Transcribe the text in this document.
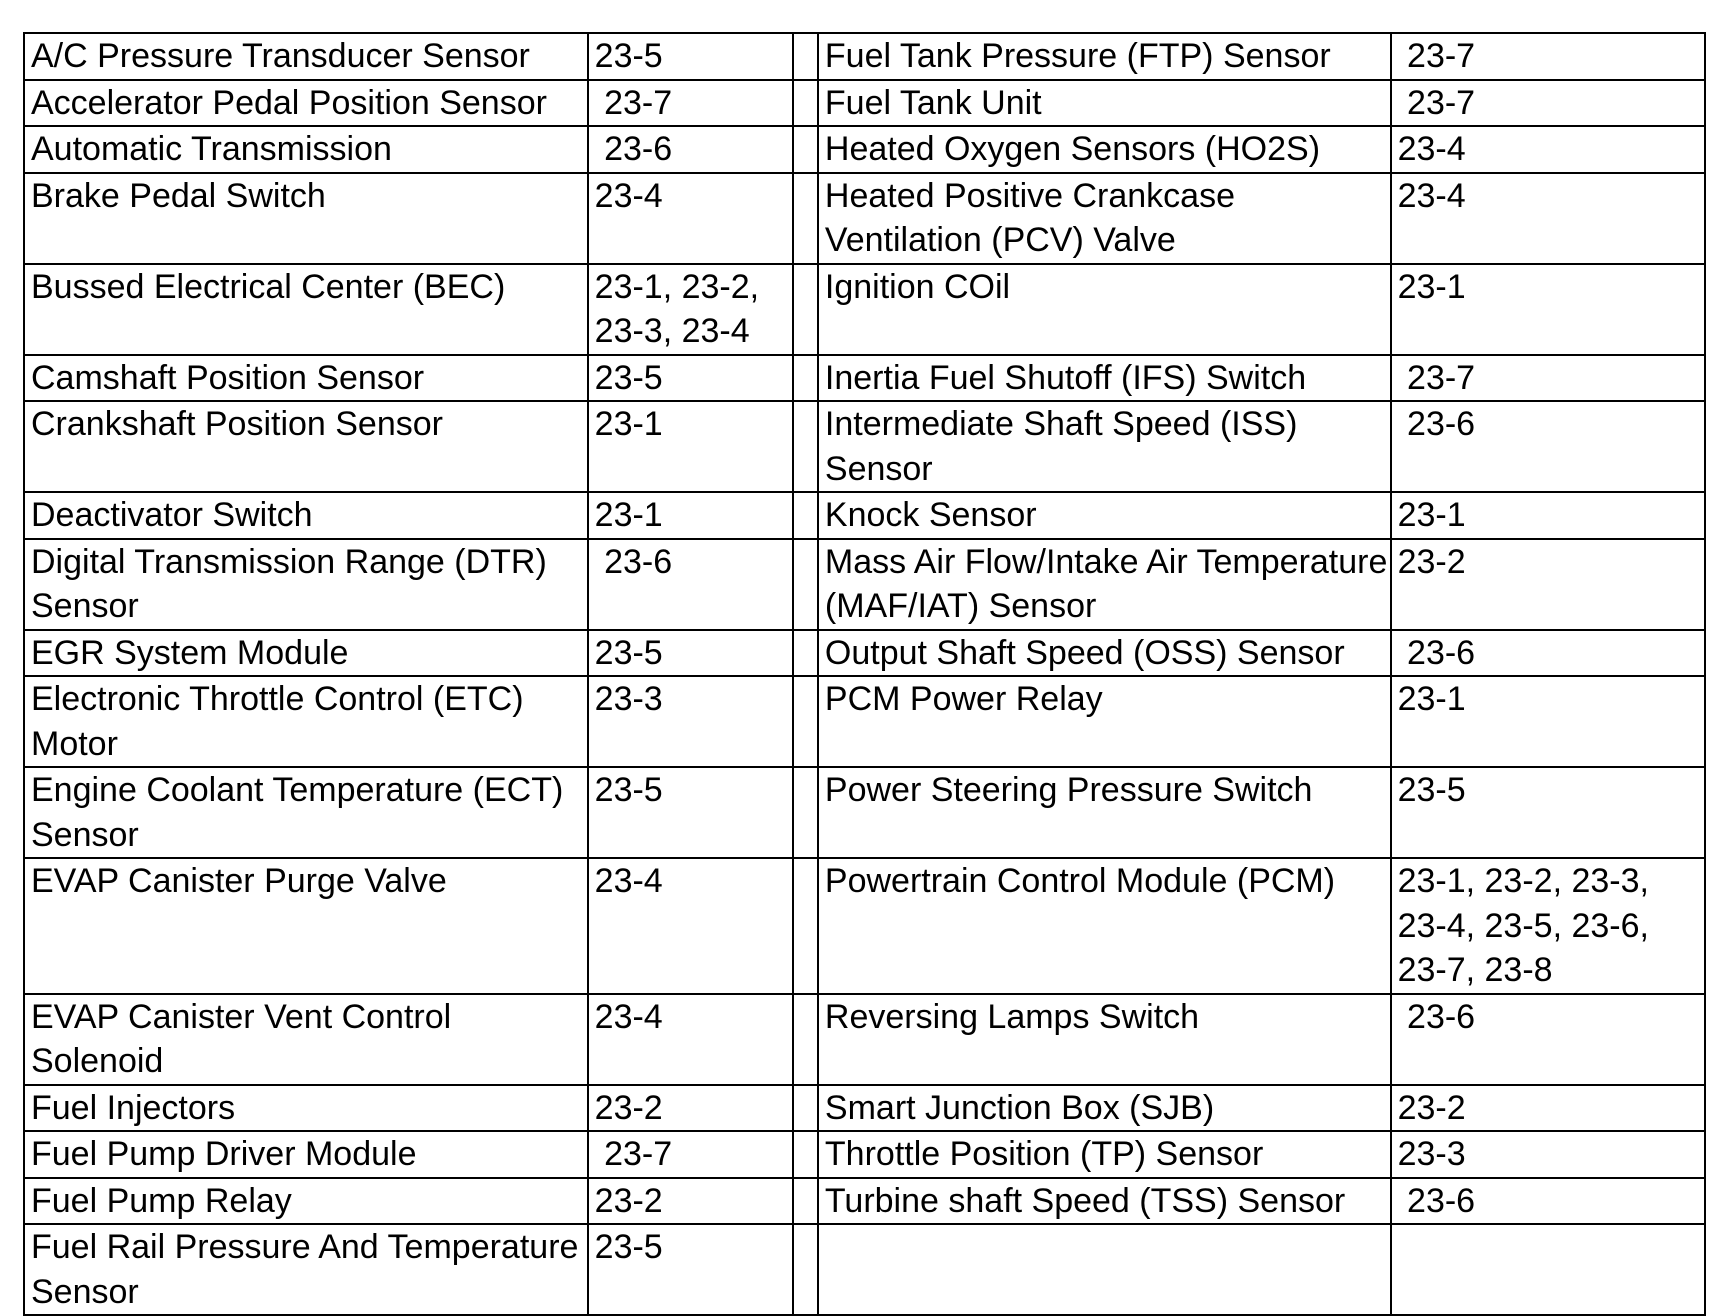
A/C Pressure Transducer Sensor	23-5		Fuel Tank Pressure (FTP) Sensor	23-7
Accelerator Pedal Position Sensor	23-7		Fuel Tank Unit	23-7
Automatic Transmission	23-6		Heated Oxygen Sensors (HO2S)	23-4
Brake Pedal Switch	23-4		Heated Positive Crankcase Ventilation (PCV) Valve	23-4
Bussed Electrical Center (BEC)	23-1, 23-2, 23-3, 23-4		Ignition COil	23-1
Camshaft Position Sensor	23-5		Inertia Fuel Shutoff (IFS) Switch	23-7
Crankshaft Position Sensor	23-1		Intermediate Shaft Speed (ISS) Sensor	23-6
Deactivator Switch	23-1		Knock Sensor	23-1
Digital Transmission Range (DTR) Sensor	23-6		Mass Air Flow/Intake Air Temperature (MAF/IAT) Sensor	23-2
EGR System Module	23-5		Output Shaft Speed (OSS) Sensor	23-6
Electronic Throttle Control (ETC) Motor	23-3		PCM Power Relay	23-1
Engine Coolant Temperature (ECT) Sensor	23-5		Power Steering Pressure Switch	23-5
EVAP Canister Purge Valve	23-4		Powertrain Control Module (PCM)	23-1, 23-2, 23-3, 23-4, 23-5, 23-6, 23-7, 23-8
EVAP Canister Vent Control Solenoid	23-4		Reversing Lamps Switch	23-6
Fuel Injectors	23-2		Smart Junction Box (SJB)	23-2
Fuel Pump Driver Module	23-7		Throttle Position (TP) Sensor	23-3
Fuel Pump Relay	23-2		Turbine shaft Speed (TSS) Sensor	23-6
Fuel Rail Pressure And Temperature Sensor	23-5			
